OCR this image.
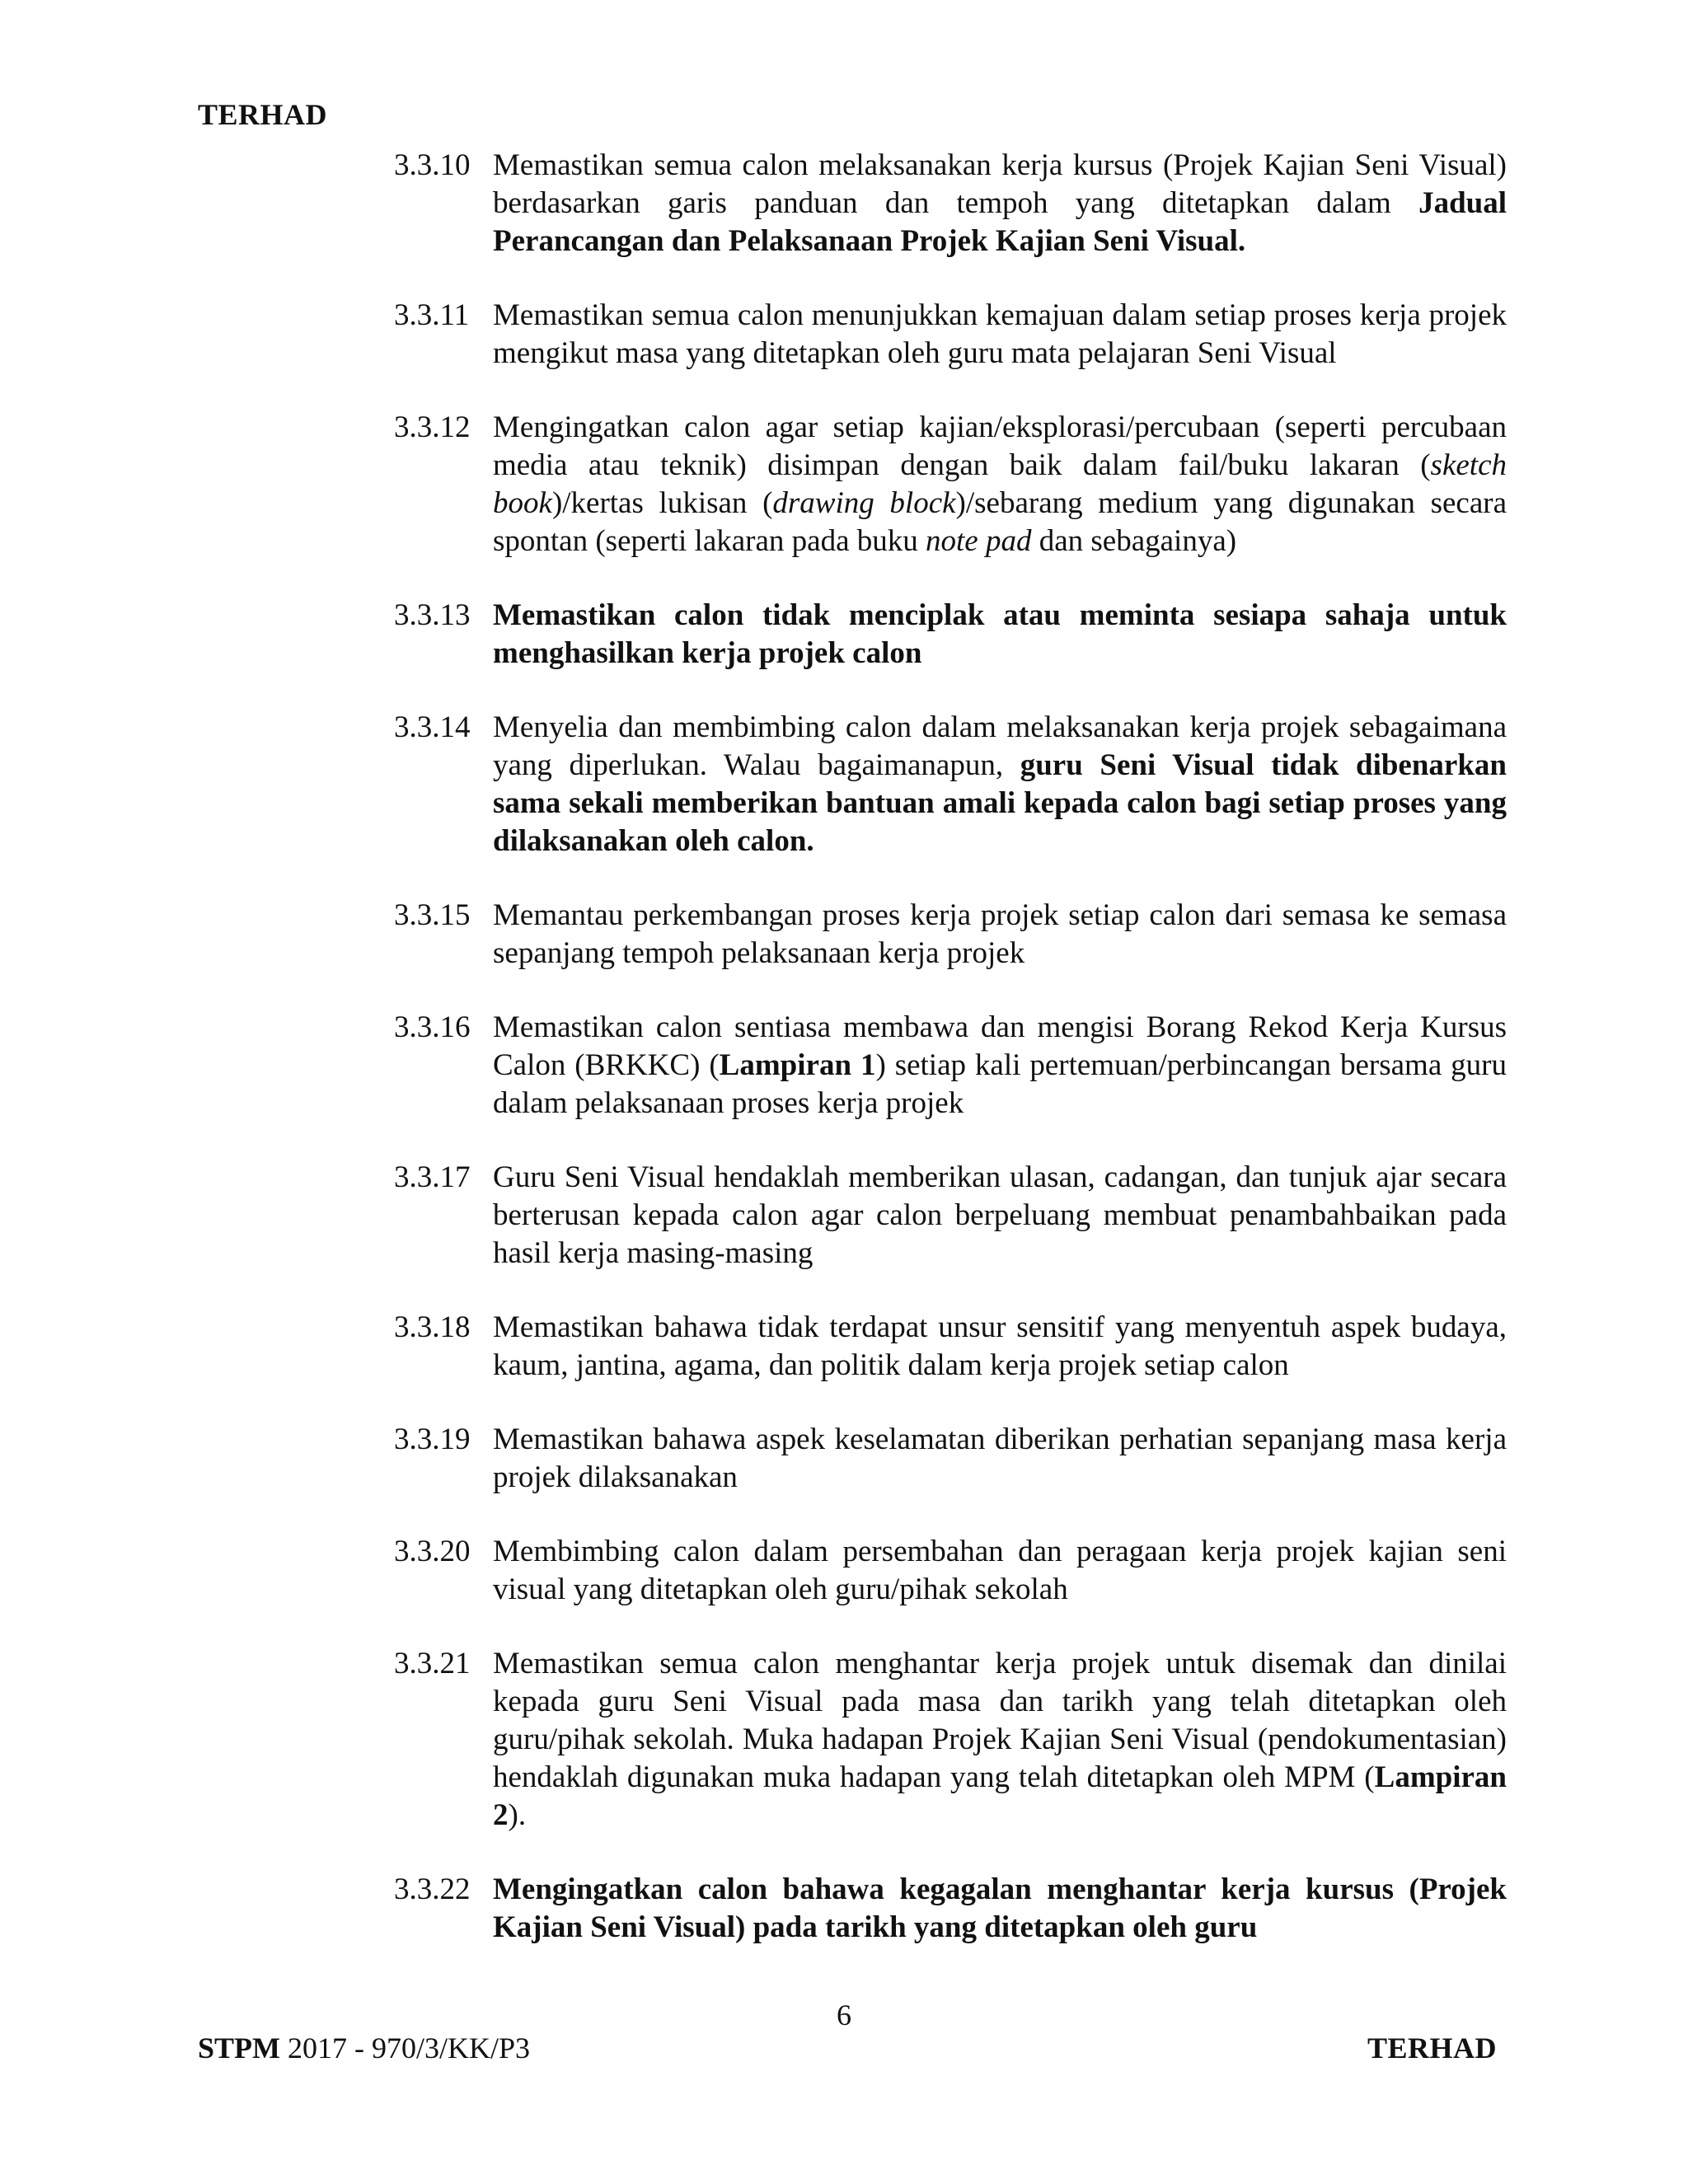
TERHAD
3.3.10 Memastikan semua calon melaksanakan kerja kursus (Projek Kajian Seni Visual) berdasarkan garis panduan dan tempoh yang ditetapkan dalam Jadual Perancangan dan Pelaksanaan Projek Kajian Seni Visual.
3.3.11 Memastikan semua calon menunjukkan kemajuan dalam setiap proses kerja projek mengikut masa yang ditetapkan oleh guru mata pelajaran Seni Visual
3.3.12 Mengingatkan calon agar setiap kajian/eksplorasi/percubaan (seperti percubaan media atau teknik) disimpan dengan baik dalam fail/buku lakaran (sketch book)/kertas lukisan (drawing block)/sebarang medium yang digunakan secara spontan (seperti lakaran pada buku note pad dan sebagainya)
3.3.13 Memastikan calon tidak menciplak atau meminta sesiapa sahaja untuk menghasilkan kerja projek calon
3.3.14 Menyelia dan membimbing calon dalam melaksanakan kerja projek sebagaimana yang diperlukan. Walau bagaimanapun, guru Seni Visual tidak dibenarkan sama sekali memberikan bantuan amali kepada calon bagi setiap proses yang dilaksanakan oleh calon.
3.3.15 Memantau perkembangan proses kerja projek setiap calon dari semasa ke semasa sepanjang tempoh pelaksanaan kerja projek
3.3.16 Memastikan calon sentiasa membawa dan mengisi Borang Rekod Kerja Kursus Calon (BRKKC) (Lampiran 1) setiap kali pertemuan/perbincangan bersama guru dalam pelaksanaan proses kerja projek
3.3.17 Guru Seni Visual hendaklah memberikan ulasan, cadangan, dan tunjuk ajar secara berterusan kepada calon agar calon berpeluang membuat penambahbaikan pada hasil kerja masing-masing
3.3.18 Memastikan bahawa tidak terdapat unsur sensitif yang menyentuh aspek budaya, kaum, jantina, agama, dan politik dalam kerja projek setiap calon
3.3.19 Memastikan bahawa aspek keselamatan diberikan perhatian sepanjang masa kerja projek dilaksanakan
3.3.20 Membimbing calon dalam persembahan dan peragaan kerja projek kajian seni visual yang ditetapkan oleh guru/pihak sekolah
3.3.21 Memastikan semua calon menghantar kerja projek untuk disemak dan dinilai kepada guru Seni Visual pada masa dan tarikh yang telah ditetapkan oleh guru/pihak sekolah. Muka hadapan Projek Kajian Seni Visual (pendokumentasian) hendaklah digunakan muka hadapan yang telah ditetapkan oleh MPM (Lampiran 2).
3.3.22 Mengingatkan calon bahawa kegagalan menghantar kerja kursus (Projek Kajian Seni Visual) pada tarikh yang ditetapkan oleh guru
6
STPM 2017 - 970/3/KK/P3	TERHAD
